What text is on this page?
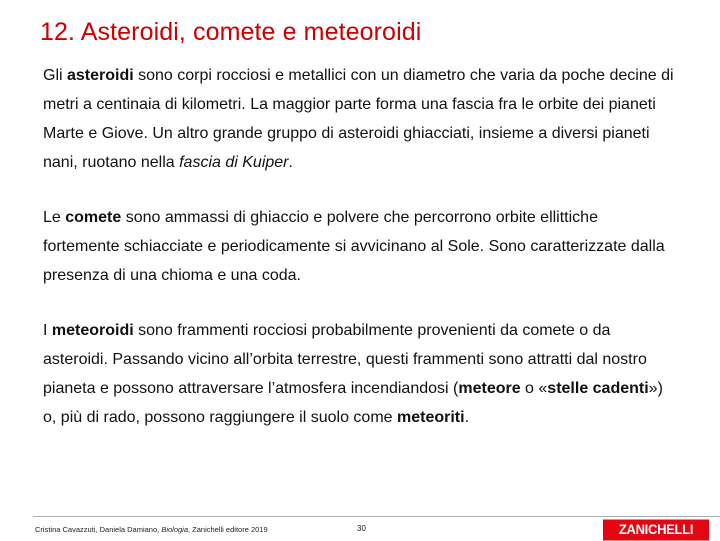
12. Asteroidi, comete e meteoroidi

Gli asteroidi sono corpi rocciosi e metallici con un diametro che varia da poche decine di metri a centinaia di kilometri. La maggior parte forma una fascia fra le orbite dei pianeti Marte e Giove. Un altro grande gruppo di asteroidi ghiacciati, insieme a diversi pianeti nani, ruotano nella fascia di Kuiper.

Le comete sono ammassi di ghiaccio e polvere che percorrono orbite ellittiche fortemente schiacciate e periodicamente si avvicinano al Sole. Sono caratterizzate dalla presenza di una chioma e una coda.

I meteoroidi sono frammenti rocciosi probabilmente provenienti da comete o da asteroidi. Passando vicino all’orbita terrestre, questi frammenti sono attratti dal nostro pianeta e possono attraversare l’atmosfera incendiandosi (meteore o «stelle cadenti») o, più di rado, possono raggiungere il suolo come meteoriti.

Cristina Cavazzuti, Daniela Damiano, Biologia, Zanichelli editore 2019	30	ZANICHELLI
